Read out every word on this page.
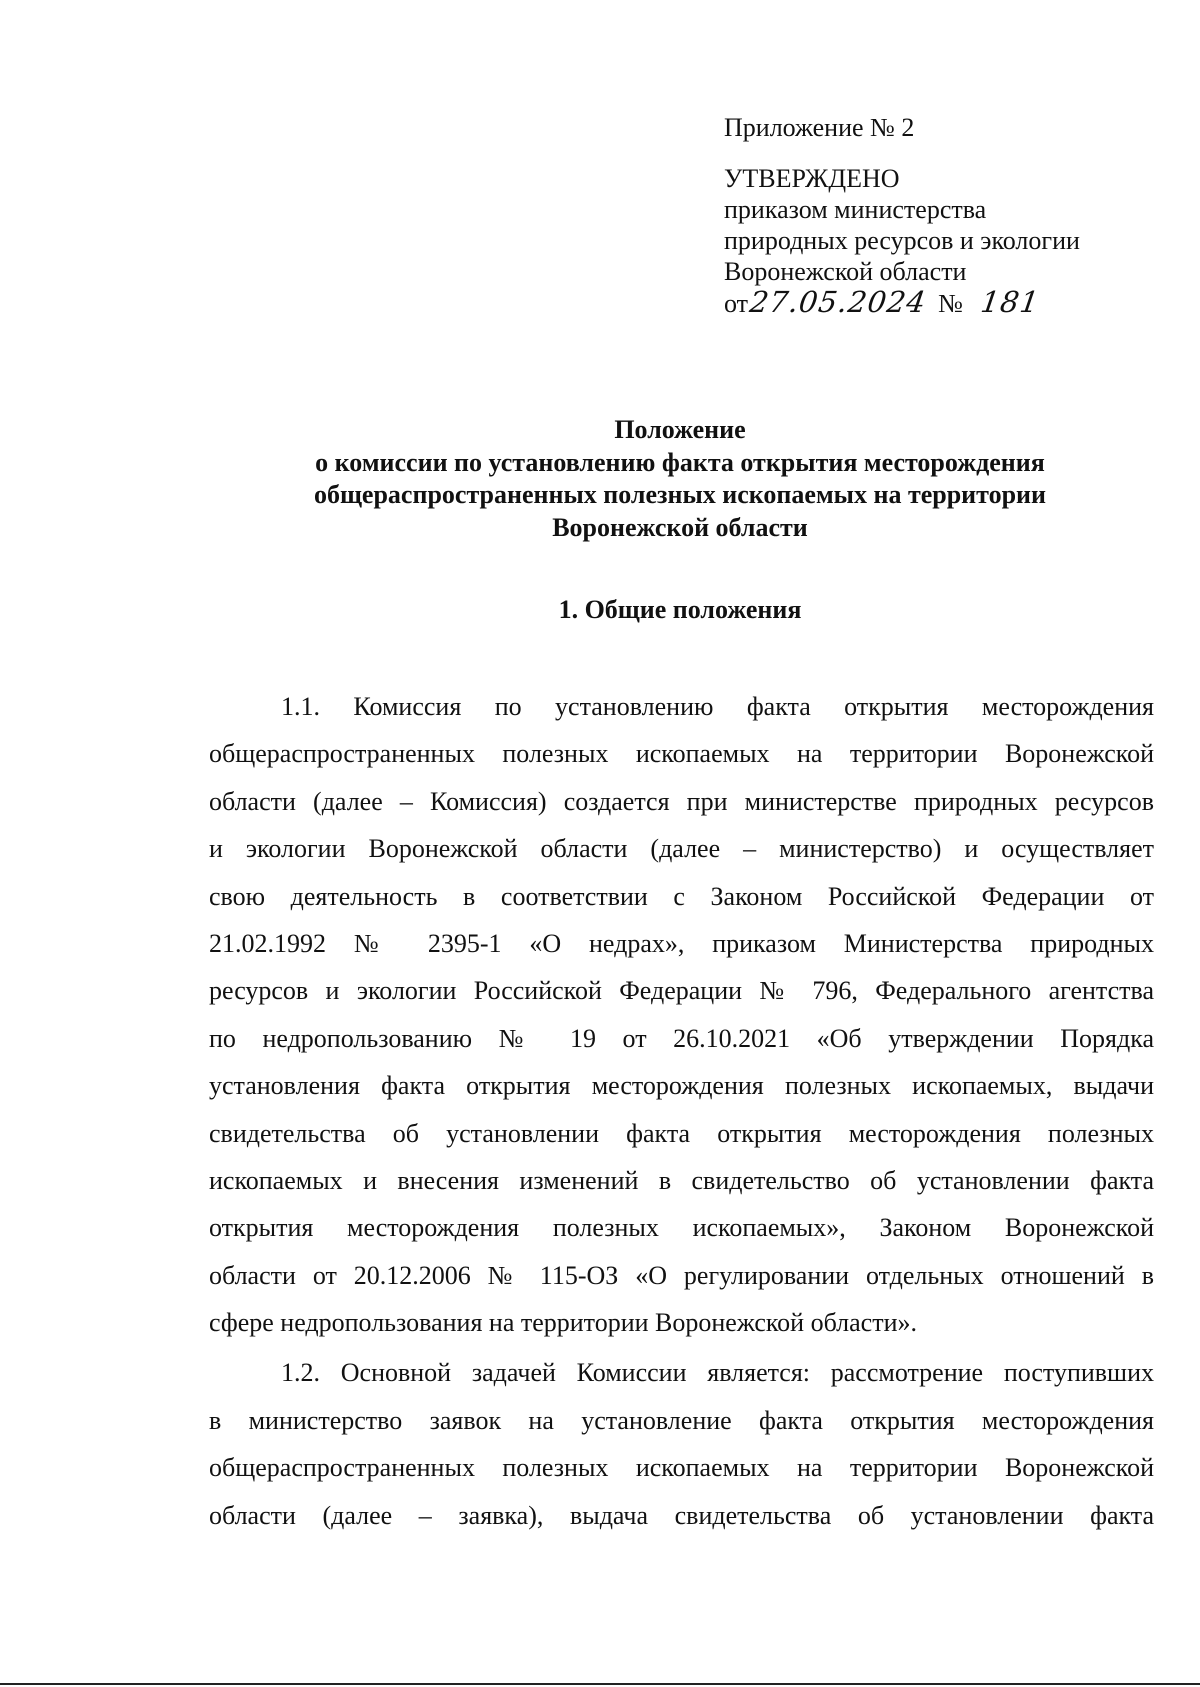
Приложение № 2
УТВЕРЖДЕНО
приказом министерства
природных ресурсов и экологии
Воронежской области
от27.05.2024 № 181
Положение
о комиссии по установлению факта открытия месторождения
общераспространенных полезных ископаемых на территории
Воронежской области
1. Общие положения
1.1. Комиссия по установлению факта открытия месторождения
общераспространенных полезных ископаемых на территории Воронежской
области (далее – Комиссия) создается при министерстве природных ресурсов
и экологии Воронежской области (далее – министерство) и осуществляет
свою деятельность в соответствии с Законом Российской Федерации от
21.02.1992 № 2395-1 «О недрах», приказом Министерства природных
ресурсов и экологии Российской Федерации № 796, Федерального агентства
по недропользованию № 19 от 26.10.2021 «Об утверждении Порядка
установления факта открытия месторождения полезных ископаемых, выдачи
свидетельства об установлении факта открытия месторождения полезных
ископаемых и внесения изменений в свидетельство об установлении факта
открытия месторождения полезных ископаемых», Законом Воронежской
области от 20.12.2006 № 115-ОЗ «О регулировании отдельных отношений в
сфере недропользования на территории Воронежской области».
1.2. Основной задачей Комиссии является: рассмотрение поступивших
в министерство заявок на установление факта открытия месторождения
общераспространенных полезных ископаемых на территории Воронежской
области (далее – заявка), выдача свидетельства об установлении факта
